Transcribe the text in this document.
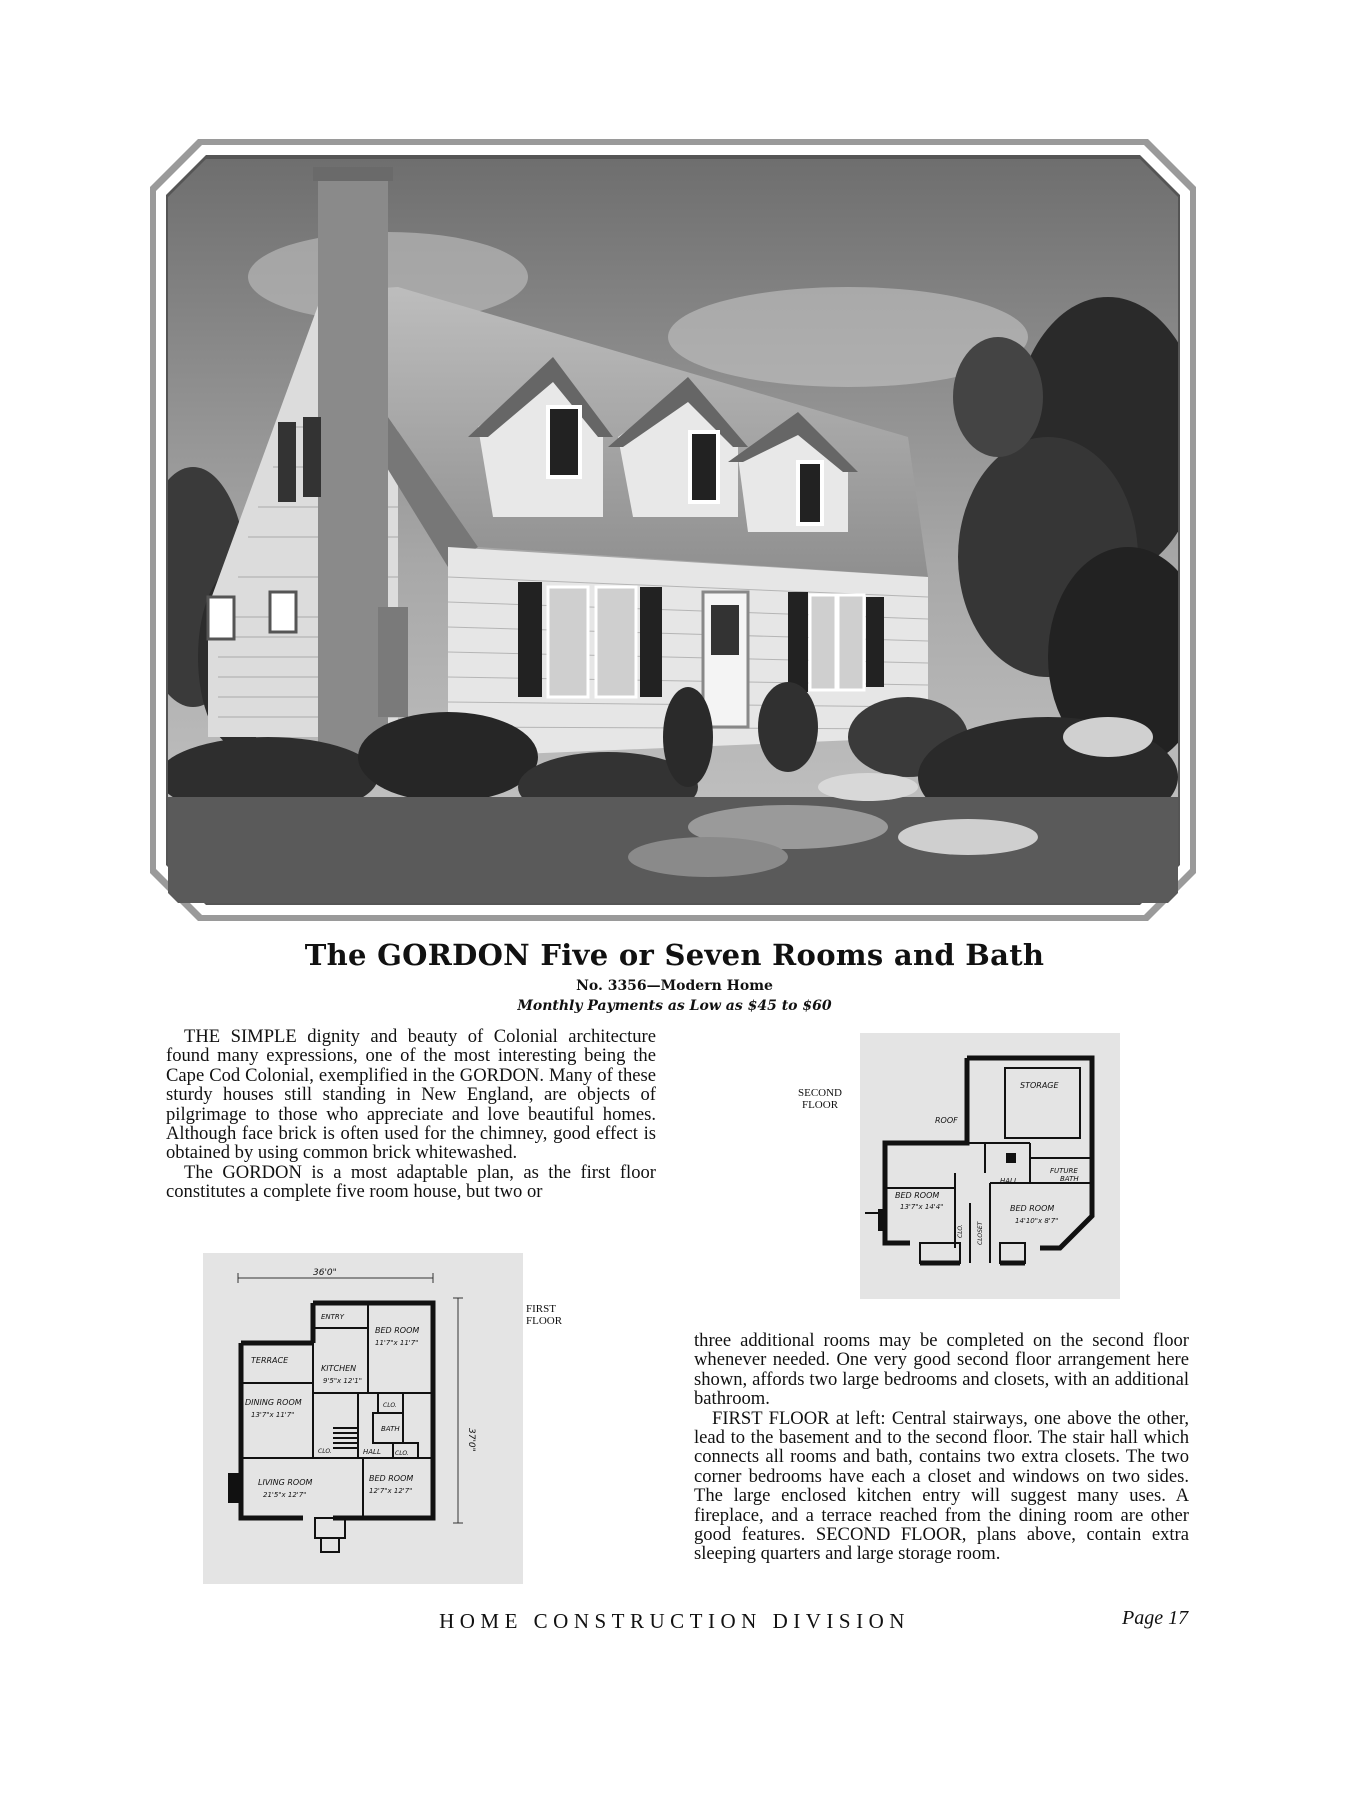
The GORDON Five or Seven Rooms and Bath
No. 3356—Modern Home
Monthly Payments as Low as $45 to $60

THE SIMPLE dignity and beauty of Colonial architecture found many expressions, one of the most interesting being the Cape Cod Colonial, exemplified in the GORDON. Many of these sturdy houses still standing in New England, are objects of pilgrimage to those who appreciate and love beautiful homes. Although face brick is often used for the chimney, good effect is obtained by using common brick whitewashed.

The GORDON is a most adaptable plan, as the first floor constitutes a complete five room house, but two or

SECOND
FLOOR
STORAGE
ROOF
FUTURE
BATH
HALL
BED ROOM
13'7"x 14'4"	BED ROOM
14'10"x 8'7"
CLO. CLOSET
36'0"
37'0"
ENTRY
BED ROOM
11'7"x 11'7"
TERRACE
KITCHEN
9'5"x 12'1"
DINING ROOM
13'7"x 11'7"
BATH
CLO.
CLO.	CLO.
HALL
LIVING ROOM
21'5"x 12'7"
BED ROOM
12'7"x 12'7"
FIRST
FLOOR

three additional rooms may be completed on the second floor whenever needed. One very good second floor arrangement here shown, affords two large bedrooms and closets, with an additional bathroom.

FIRST FLOOR at left: Central stairways, one above the other, lead to the basement and to the second floor. The stair hall which connects all rooms and bath, contains two extra closets. The two corner bedrooms have each a closet and windows on two sides. The large enclosed kitchen entry will suggest many uses. A fireplace, and a terrace reached from the dining room are other good features. SECOND FLOOR, plans above, contain extra sleeping quarters and large storage room.

HOME CONSTRUCTION DIVISION	Page 17
